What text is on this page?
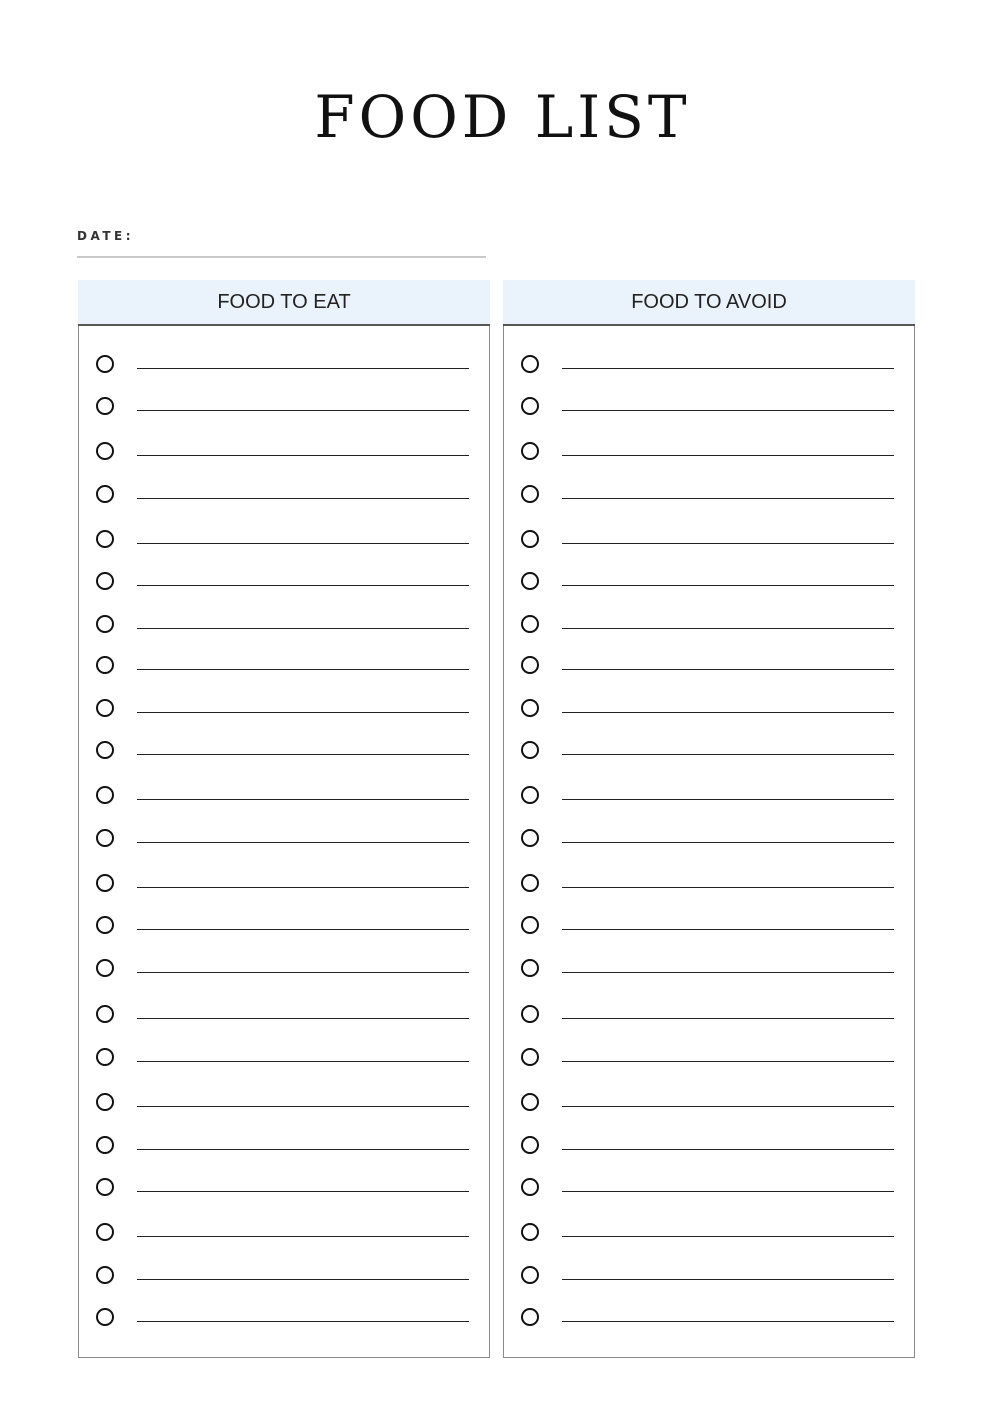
FOOD LIST
DATE:
FOOD TO EAT	FOOD TO AVOID
